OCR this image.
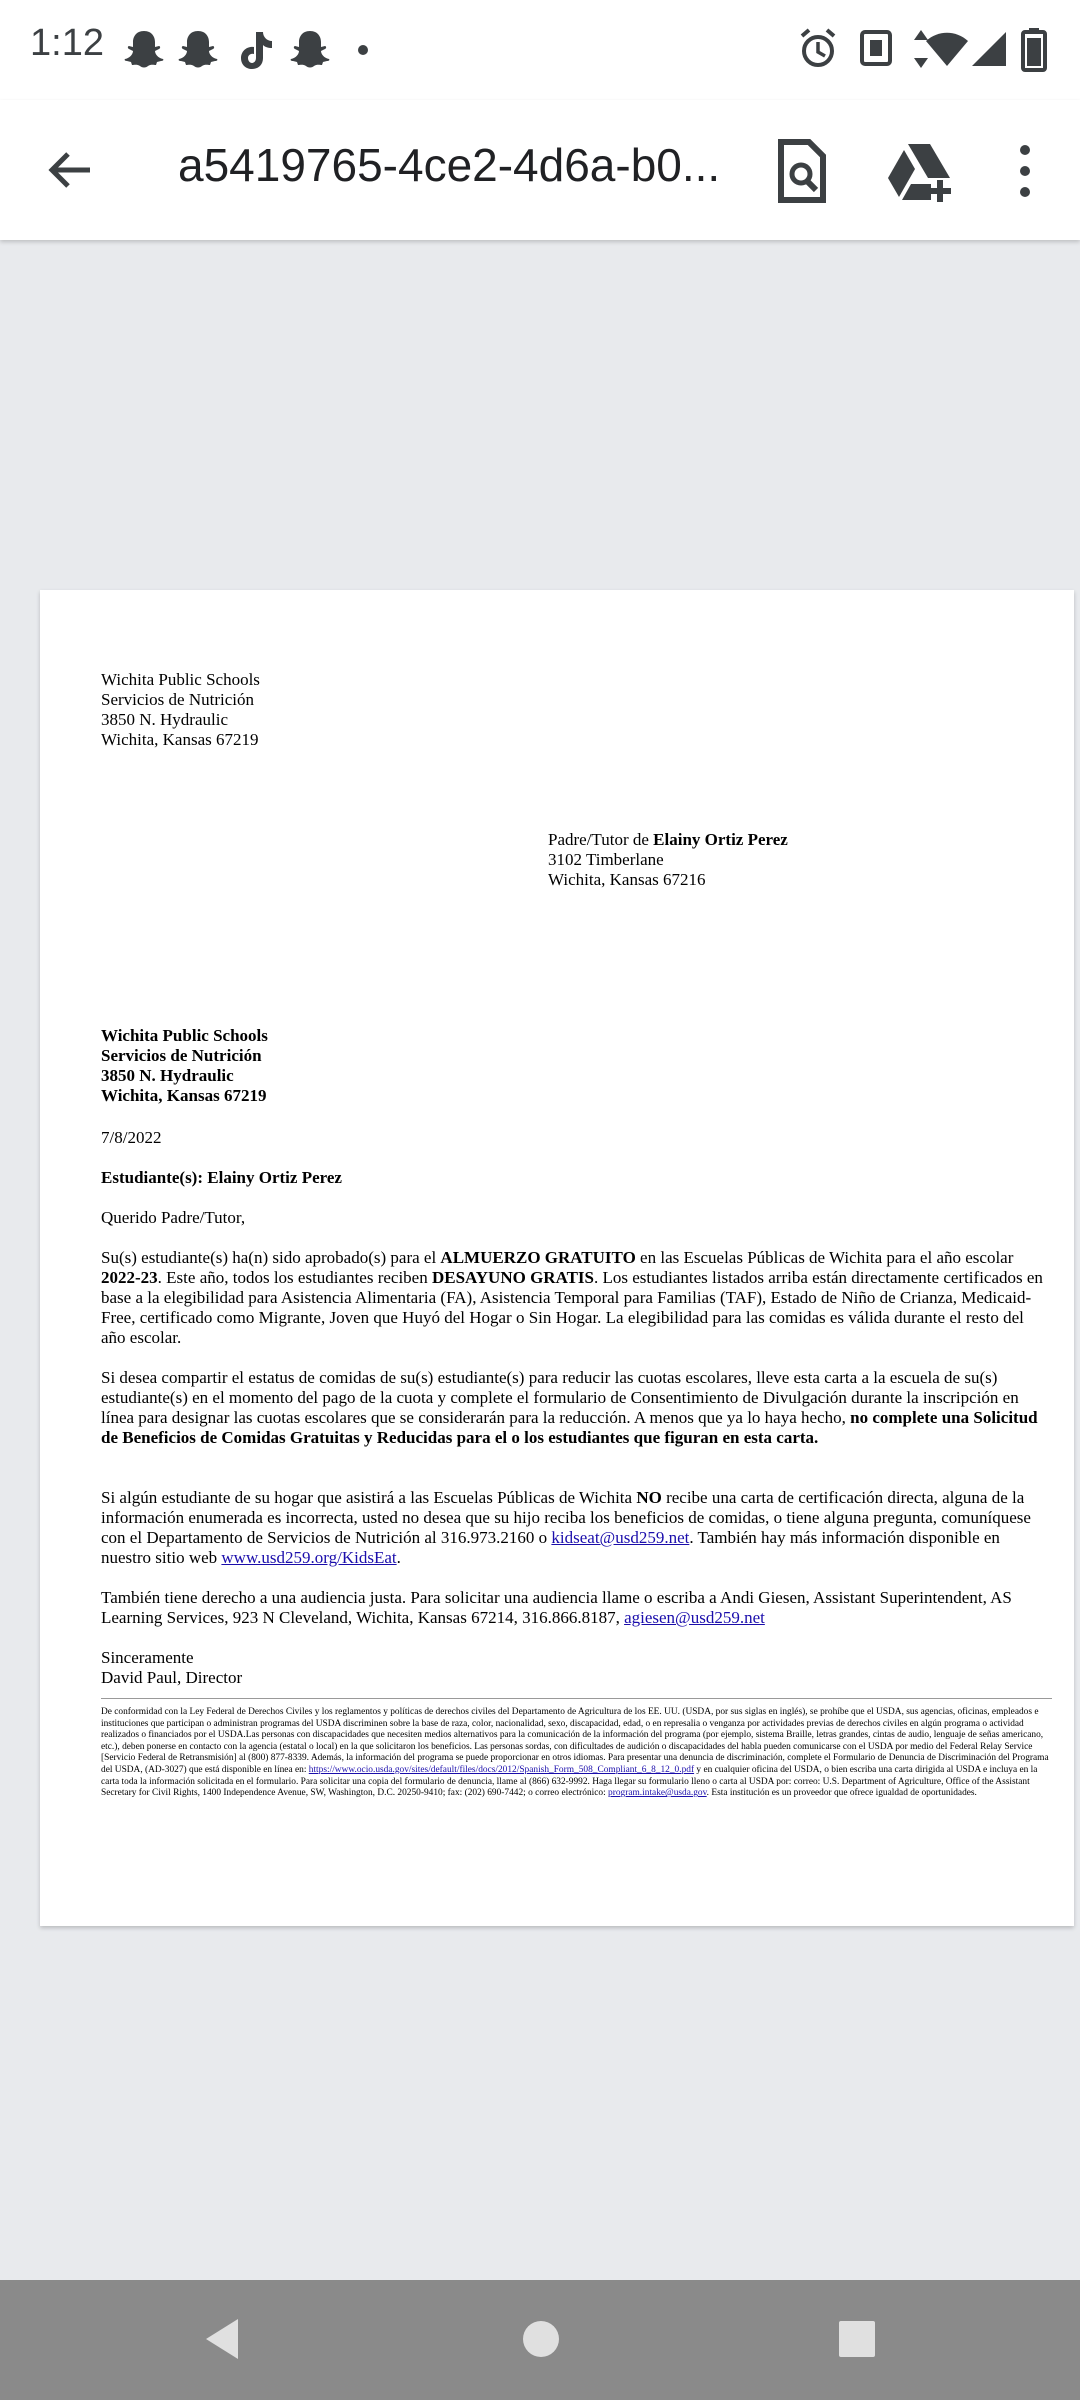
1:12
a5419765-4ce2-4d6a-b0...
Wichita Public Schools
Servicios de Nutrición
3850 N. Hydraulic
Wichita, Kansas 67219
Padre/Tutor de Elainy Ortiz Perez
3102 Timberlane
Wichita, Kansas 67216
Wichita Public Schools
Servicios de Nutrición
3850 N. Hydraulic
Wichita, Kansas 67219
7/8/2022
Estudiante(s): Elainy Ortiz Perez
Querido Padre/Tutor,
Su(s) estudiante(s) ha(n) sido aprobado(s) para el ALMUERZO GRATUITO en las Escuelas Públicas de Wichita para el año escolar 2022-23. Este año, todos los estudiantes reciben DESAYUNO GRATIS. Los estudiantes listados arriba están directamente certificados en base a la elegibilidad para Asistencia Alimentaria (FA), Asistencia Temporal para Familias (TAF), Estado de Niño de Crianza, Medicaid-Free, certificado como Migrante, Joven que Huyó del Hogar o Sin Hogar. La elegibilidad para las comidas es válida durante el resto del año escolar.
Si desea compartir el estatus de comidas de su(s) estudiante(s) para reducir las cuotas escolares, lleve esta carta a la escuela de su(s) estudiante(s) en el momento del pago de la cuota y complete el formulario de Consentimiento de Divulgación durante la inscripción en línea para designar las cuotas escolares que se considerarán para la reducción. A menos que ya lo haya hecho, no complete una Solicitud de Beneficios de Comidas Gratuitas y Reducidas para el o los estudiantes que figuran en esta carta.
Si algún estudiante de su hogar que asistirá a las Escuelas Públicas de Wichita NO recibe una carta de certificación directa, alguna de la información enumerada es incorrecta, usted no desea que su hijo reciba los beneficios de comidas, o tiene alguna pregunta, comuníquese con el Departamento de Servicios de Nutrición al 316.973.2160 o kidseat@usd259.net. También hay más información disponible en nuestro sitio web www.usd259.org/KidsEat.
También tiene derecho a una audiencia justa. Para solicitar una audiencia llame o escriba a Andi Giesen, Assistant Superintendent, AS Learning Services, 923 N Cleveland, Wichita, Kansas 67214, 316.866.8187, agiesen@usd259.net
Sinceramente
David Paul, Director
De conformidad con la Ley Federal de Derechos Civiles y los reglamentos y políticas de derechos civiles del Departamento de Agricultura de los EE. UU. (USDA, por sus siglas en inglés), se prohíbe que el USDA, sus agencias, oficinas, empleados e instituciones que participan o administran programas del USDA discriminen sobre la base de raza, color, nacionalidad, sexo, discapacidad, edad, o en represalia o venganza por actividades previas de derechos civiles en algún programa o actividad realizados o financiados por el USDA.Las personas con discapacidades que necesiten medios alternativos para la comunicación de la información del programa (por ejemplo, sistema Braille, letras grandes, cintas de audio, lenguaje de señas americano, etc.), deben ponerse en contacto con la agencia (estatal o local) en la que solicitaron los beneficios. Las personas sordas, con dificultades de audición o discapacidades del habla pueden comunicarse con el USDA por medio del Federal Relay Service [Servicio Federal de Retransmisión] al (800) 877-8339. Además, la información del programa se puede proporcionar en otros idiomas. Para presentar una denuncia de discriminación, complete el Formulario de Denuncia de Discriminación del Programa del USDA, (AD-3027) que está disponible en línea en: https://www.ocio.usda.gov/sites/default/files/docs/2012/Spanish_Form_508_Compliant_6_8_12_0.pdf y en cualquier oficina del USDA, o bien escriba una carta dirigida al USDA e incluya en la carta toda la información solicitada en el formulario. Para solicitar una copia del formulario de denuncia, llame al (866) 632-9992. Haga llegar su formulario lleno o carta al USDA por: correo: U.S. Department of Agriculture, Office of the Assistant Secretary for Civil Rights, 1400 Independence Avenue, SW, Washington, D.C. 20250-9410; fax: (202) 690-7442; o correo electrónico: program.intake@usda.gov. Esta institución es un proveedor que ofrece igualdad de oportunidades.
